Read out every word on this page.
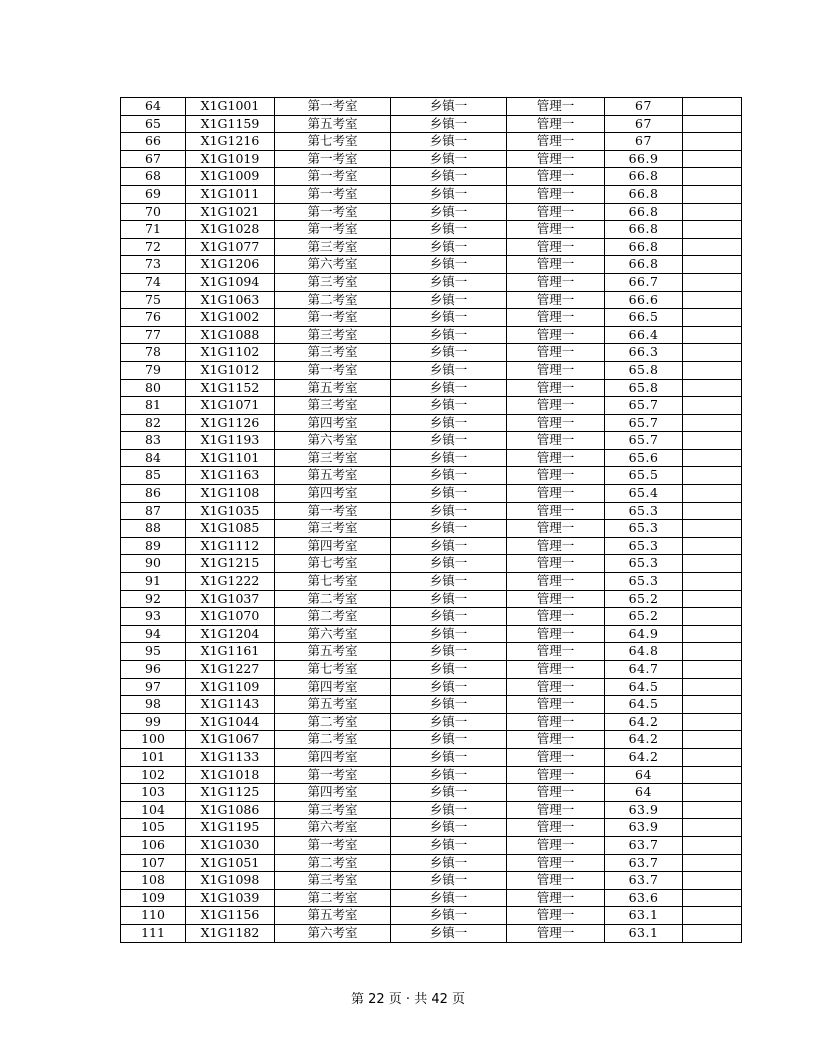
64	X1G1001	第一考室	乡镇一	管理一	67	
65	X1G1159	第五考室	乡镇一	管理一	67	
66	X1G1216	第七考室	乡镇一	管理一	67	
67	X1G1019	第一考室	乡镇一	管理一	66.9	
68	X1G1009	第一考室	乡镇一	管理一	66.8	
69	X1G1011	第一考室	乡镇一	管理一	66.8	
70	X1G1021	第一考室	乡镇一	管理一	66.8	
71	X1G1028	第一考室	乡镇一	管理一	66.8	
72	X1G1077	第三考室	乡镇一	管理一	66.8	
73	X1G1206	第六考室	乡镇一	管理一	66.8	
74	X1G1094	第三考室	乡镇一	管理一	66.7	
75	X1G1063	第二考室	乡镇一	管理一	66.6	
76	X1G1002	第一考室	乡镇一	管理一	66.5	
77	X1G1088	第三考室	乡镇一	管理一	66.4	
78	X1G1102	第三考室	乡镇一	管理一	66.3	
79	X1G1012	第一考室	乡镇一	管理一	65.8	
80	X1G1152	第五考室	乡镇一	管理一	65.8	
81	X1G1071	第三考室	乡镇一	管理一	65.7	
82	X1G1126	第四考室	乡镇一	管理一	65.7	
83	X1G1193	第六考室	乡镇一	管理一	65.7	
84	X1G1101	第三考室	乡镇一	管理一	65.6	
85	X1G1163	第五考室	乡镇一	管理一	65.5	
86	X1G1108	第四考室	乡镇一	管理一	65.4	
87	X1G1035	第一考室	乡镇一	管理一	65.3	
88	X1G1085	第三考室	乡镇一	管理一	65.3	
89	X1G1112	第四考室	乡镇一	管理一	65.3	
90	X1G1215	第七考室	乡镇一	管理一	65.3	
91	X1G1222	第七考室	乡镇一	管理一	65.3	
92	X1G1037	第二考室	乡镇一	管理一	65.2	
93	X1G1070	第二考室	乡镇一	管理一	65.2	
94	X1G1204	第六考室	乡镇一	管理一	64.9	
95	X1G1161	第五考室	乡镇一	管理一	64.8	
96	X1G1227	第七考室	乡镇一	管理一	64.7	
97	X1G1109	第四考室	乡镇一	管理一	64.5	
98	X1G1143	第五考室	乡镇一	管理一	64.5	
99	X1G1044	第二考室	乡镇一	管理一	64.2	
100	X1G1067	第二考室	乡镇一	管理一	64.2	
101	X1G1133	第四考室	乡镇一	管理一	64.2	
102	X1G1018	第一考室	乡镇一	管理一	64	
103	X1G1125	第四考室	乡镇一	管理一	64	
104	X1G1086	第三考室	乡镇一	管理一	63.9	
105	X1G1195	第六考室	乡镇一	管理一	63.9	
106	X1G1030	第一考室	乡镇一	管理一	63.7	
107	X1G1051	第二考室	乡镇一	管理一	63.7	
108	X1G1098	第三考室	乡镇一	管理一	63.7	
109	X1G1039	第二考室	乡镇一	管理一	63.6	
110	X1G1156	第五考室	乡镇一	管理一	63.1	
111	X1G1182	第六考室	乡镇一	管理一	63.1	
第 22 页 · 共 42 页
